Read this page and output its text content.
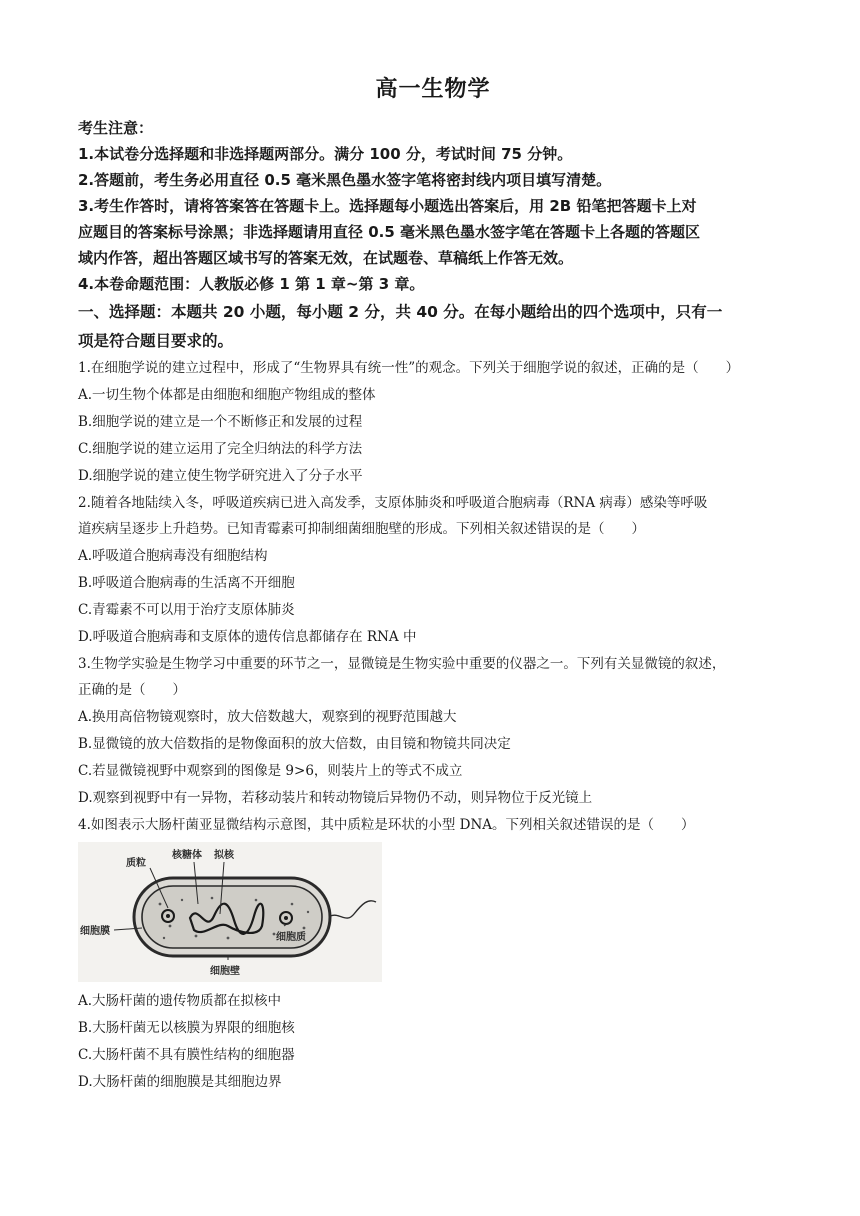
高一生物学

考生注意：

1.本试卷分选择题和非选择题两部分。满分 100 分，考试时间 75 分钟。

2.答题前，考生务必用直径 0.5 毫米黑色墨水签字笔将密封线内项目填写清楚。

3.考生作答时，请将答案答在答题卡上。选择题每小题选出答案后，用 2B 铅笔把答题卡上对

应题目的答案标号涂黑；非选择题请用直径 0.5 毫米黑色墨水签字笔在答题卡上各题的答题区

域内作答，超出答题区域书写的答案无效，在试题卷、草稿纸上作答无效。

4.本卷命题范围：人教版必修 1 第 1 章~第 3 章。

一、选择题：本题共 20 小题，每小题 2 分，共 40 分。在每小题给出的四个选项中，只有一

项是符合题目要求的。

1.在细胞学说的建立过程中，形成了“生物界具有统一性”的观念。下列关于细胞学说的叙述，正确的是（　　）

A.一切生物个体都是由细胞和细胞产物组成的整体

B.细胞学说的建立是一个不断修正和发展的过程

C.细胞学说的建立运用了完全归纳法的科学方法

D.细胞学说的建立使生物学研究进入了分子水平

2.随着各地陆续入冬，呼吸道疾病已进入高发季，支原体肺炎和呼吸道合胞病毒（RNA 病毒）感染等呼吸

道疾病呈逐步上升趋势。已知青霉素可抑制细菌细胞壁的形成。下列相关叙述错误的是（　　）

A.呼吸道合胞病毒没有细胞结构

B.呼吸道合胞病毒的生活离不开细胞

C.青霉素不可以用于治疗支原体肺炎

D.呼吸道合胞病毒和支原体的遗传信息都储存在 RNA 中

3.生物学实验是生物学习中重要的环节之一，显微镜是生物实验中重要的仪器之一。下列有关显微镜的叙述，

正确的是（　　）

A.换用高倍物镜观察时，放大倍数越大，观察到的视野范围越大

B.显微镜的放大倍数指的是物像面积的放大倍数，由目镜和物镜共同决定

C.若显微镜视野中观察到的图像是 9>6，则装片上的等式不成立

D.观察到视野中有一异物，若移动装片和转动物镜后异物仍不动，则异物位于反光镜上

4.如图表示大肠杆菌亚显微结构示意图，其中质粒是环状的小型 DNA。下列相关叙述错误的是（　　）

质粒
核糖体 拟核
细胞质
细胞膜
细胞壁

A.大肠杆菌的遗传物质都在拟核中

B.大肠杆菌无以核膜为界限的细胞核

C.大肠杆菌不具有膜性结构的细胞器

D.大肠杆菌的细胞膜是其细胞边界
